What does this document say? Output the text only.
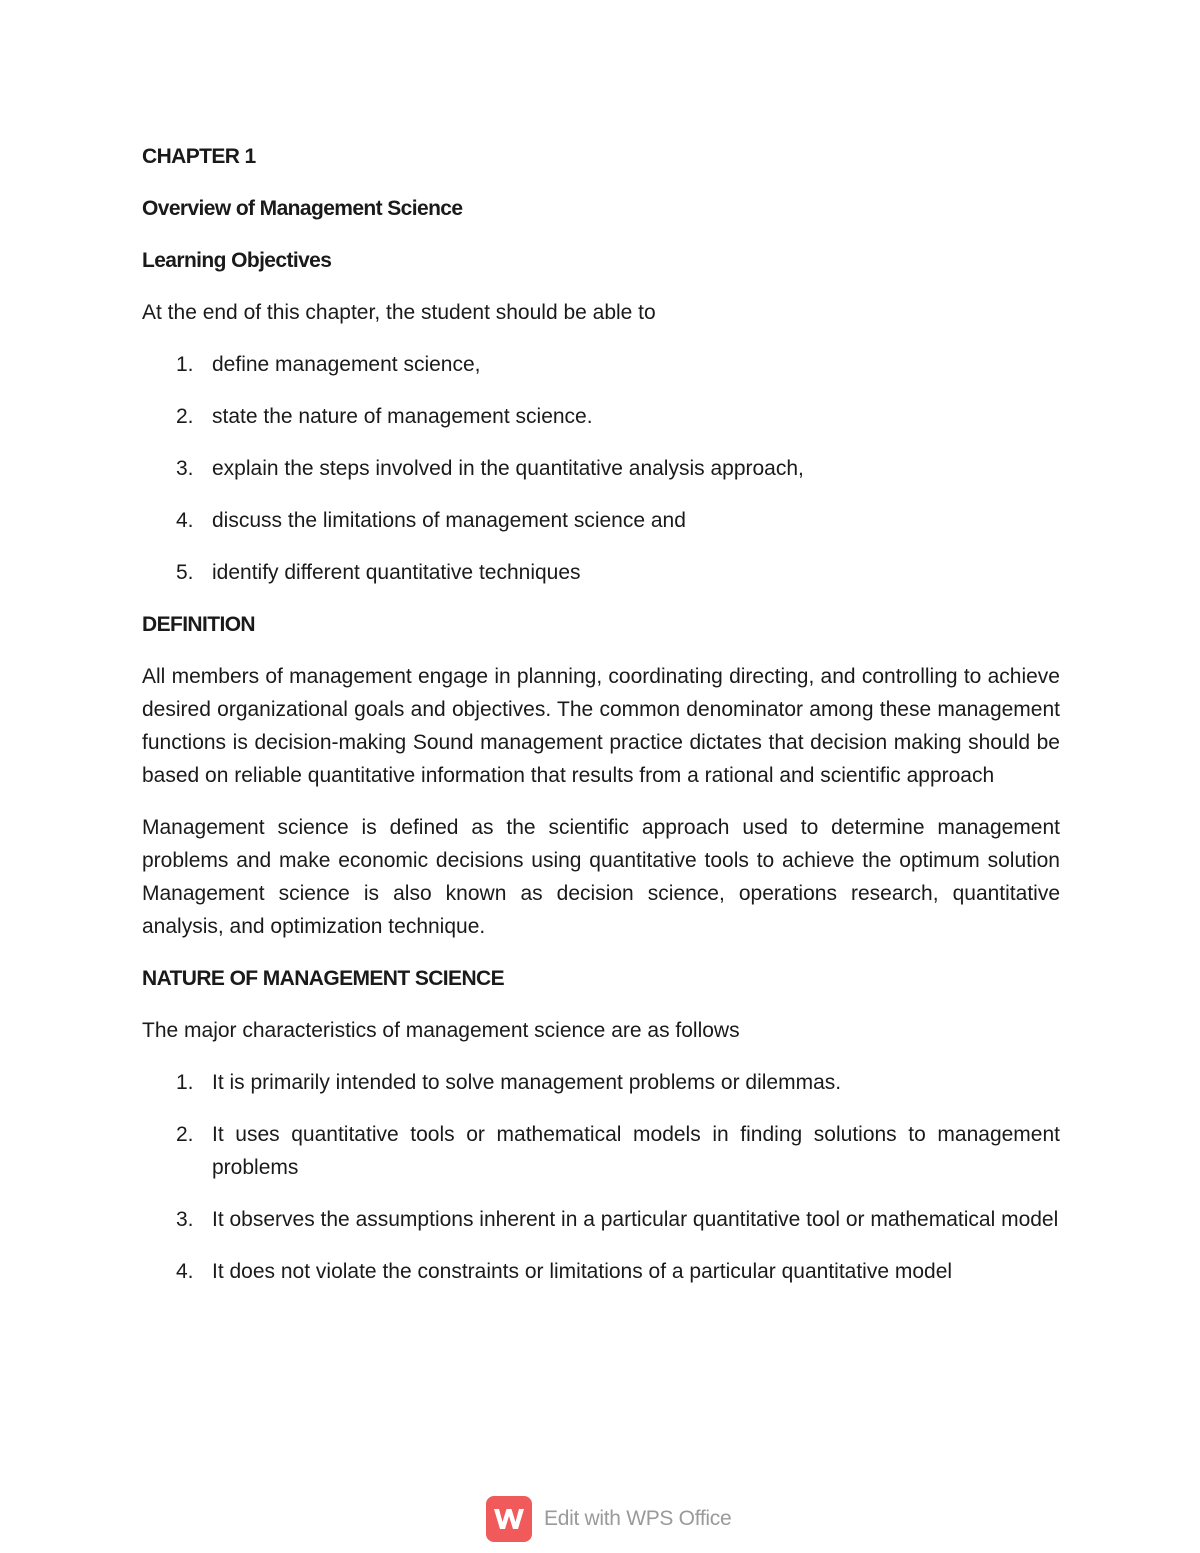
CHAPTER 1
Overview of Management Science
Learning Objectives
At the end of this chapter, the student should be able to
1. define management science,
2. state the nature of management science.
3. explain the steps involved in the quantitative analysis approach,
4. discuss the limitations of management science and
5. identify different quantitative techniques
DEFINITION
All members of management engage in planning, coordinating directing, and controlling to achieve desired organizational goals and objectives. The common denominator among these management functions is decision-making Sound management practice dictates that decision making should be based on reliable quantitative information that results from a rational and scientific approach
Management science is defined as the scientific approach used to determine management problems and make economic decisions using quantitative tools to achieve the optimum solution Management science is also known as decision science, operations research, quantitative analysis, and optimization technique.
NATURE OF MANAGEMENT SCIENCE
The major characteristics of management science are as follows
1. It is primarily intended to solve management problems or dilemmas.
2. It uses quantitative tools or mathematical models in finding solutions to management problems
3. It observes the assumptions inherent in a particular quantitative tool or mathematical model
4. It does not violate the constraints or limitations of a particular quantitative model
Edit with WPS Office
